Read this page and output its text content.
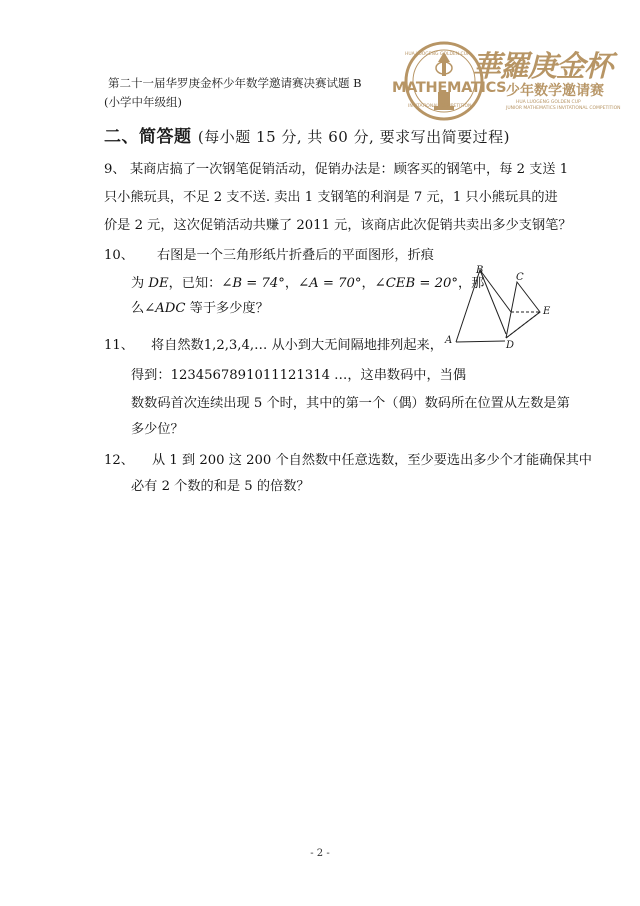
第二十一届华罗庚金杯少年数学邀请赛决赛试题 B
(小学中年级组)
MATHEMATICS
HUA LUOGENG GOLDEN CUP
INVITATIONAL COMPETITION
華羅庚金杯
少年数学邀请赛
HUA LUOGENG GOLDEN CUP
JUNIOR MATHEMATICS INVITATIONAL COMPETITION
二、简答题 (每小题 15 分, 共 60 分, 要求写出简要过程)
9、 某商店搞了一次钢笔促销活动，促销办法是：顾客买的钢笔中，每 2 支送 1
只小熊玩具，不足 2 支不送. 卖出 1 支钢笔的利润是 7 元，1 只小熊玩具的进
价是 2 元，这次促销活动共赚了 2011 元，该商店此次促销共卖出多少支钢笔？
10、 右图是一个三角形纸片折叠后的平面图形，折痕
为 DE，已知：∠B = 74°，∠A = 70°，∠CEB = 20°，那
么∠ADC 等于多少度？
A
B
C
D
E
11、 将自然数1,2,3,4,… 从小到大无间隔地排列起来，
得到：1234567891011121314 …，这串数码中，当偶
数数码首次连续出现 5 个时，其中的第一个（偶）数码所在位置从左数是第
多少位？
12、 从 1 到 200 这 200 个自然数中任意选数，至少要选出多少个才能确保其中
必有 2 个数的和是 5 的倍数？
- 2 -
